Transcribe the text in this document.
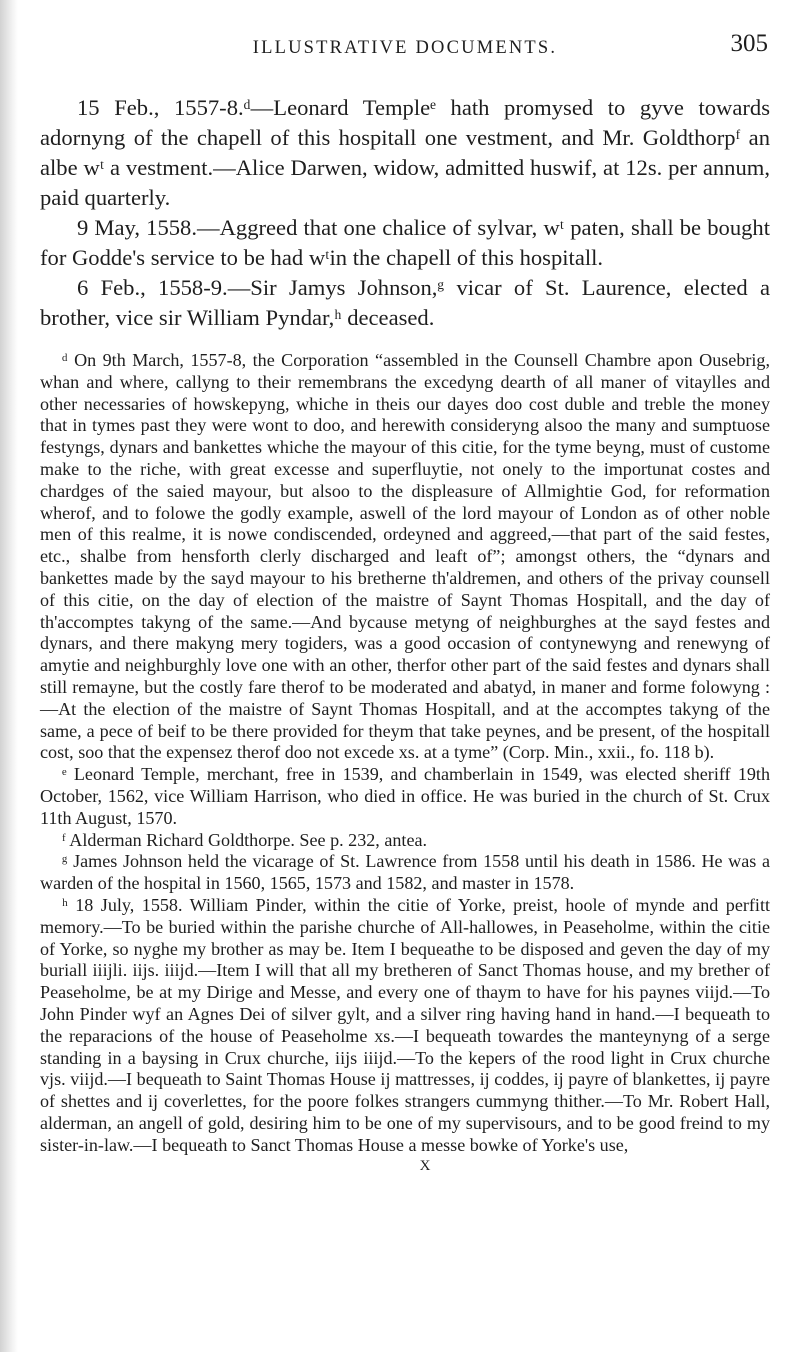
ILLUSTRATIVE DOCUMENTS.	305

15 Feb., 1557-8.ᵈ—Leonard Templeᵉ hath promysed to gyve towards adornyng of the chapell of this hospitall one vestment, and Mr. Goldthorpᶠ an albe wᵗ a vestment.—Alice Darwen, widow, admitted huswif, at 12s. per annum, paid quarterly.

9 May, 1558.—Aggreed that one chalice of sylvar, wᵗ paten, shall be bought for Godde's service to be had wᵗin the chapell of this hospitall.

6 Feb., 1558-9.—Sir Jamys Johnson,ᵍ vicar of St. Laurence, elected a brother, vice sir William Pyndar,ʰ deceased.

ᵈ On 9th March, 1557-8, the Corporation “assembled in the Counsell Chambre apon Ousebrig, whan and where, callyng to their remembrans the excedyng dearth of all maner of vitaylles and other necessaries of howskepyng, whiche in theis our dayes doo cost duble and treble the money that in tymes past they were wont to doo, and herewith consideryng alsoo the many and sumptuose festyngs, dynars and bankettes whiche the mayour of this citie, for the tyme beyng, must of custome make to the riche, with great excesse and superfluytie, not onely to the importunat costes and chardges of the saied mayour, but alsoo to the displeasure of Allmightie God, for reformation wherof, and to folowe the godly example, aswell of the lord mayour of London as of other noble men of this realme, it is nowe condiscended, ordeyned and aggreed,—that part of the said festes, etc., shalbe from hensforth clerly discharged and leaft of”; amongst others, the “dynars and bankettes made by the sayd mayour to his bretherne th'aldremen, and others of the privay counsell of this citie, on the day of election of the maistre of Saynt Thomas Hospitall, and the day of th'accomptes takyng of the same.—And bycause metyng of neighburghes at the sayd festes and dynars, and there makyng mery togiders, was a good occasion of contynewyng and renewyng of amytie and neighburghly love one with an other, therfor other part of the said festes and dynars shall still remayne, but the costly fare therof to be moderated and abatyd, in maner and forme folowyng :—At the election of the maistre of Saynt Thomas Hospitall, and at the accomptes takyng of the same, a pece of beif to be there provided for theym that take peynes, and be present, of the hospitall cost, soo that the expensez therof doo not excede xs. at a tyme” (Corp. Min., xxii., fo. 118 b).

ᵉ Leonard Temple, merchant, free in 1539, and chamberlain in 1549, was elected sheriff 19th October, 1562, vice William Harrison, who died in office. He was buried in the church of St. Crux 11th August, 1570.

ᶠ Alderman Richard Goldthorpe. See p. 232, antea.

ᵍ James Johnson held the vicarage of St. Lawrence from 1558 until his death in 1586. He was a warden of the hospital in 1560, 1565, 1573 and 1582, and master in 1578.

ʰ 18 July, 1558. William Pinder, within the citie of Yorke, preist, hoole of mynde and perfitt memory.—To be buried within the parishe churche of All-hallowes, in Peaseholme, within the citie of Yorke, so nyghe my brother as may be. Item I bequeathe to be disposed and geven the day of my buriall iiijli. iijs. iiijd.—Item I will that all my bretheren of Sanct Thomas house, and my brether of Peaseholme, be at my Dirige and Messe, and every one of thaym to have for his paynes viijd.—To John Pinder wyf an Agnes Dei of silver gylt, and a silver ring having hand in hand.—I bequeath to the reparacions of the house of Peaseholme xs.—I bequeath towardes the manteynyng of a serge standing in a baysing in Crux churche, iijs iiijd.—To the kepers of the rood light in Crux churche vjs. viijd.—I bequeath to Saint Thomas House ij mattresses, ij coddes, ij payre of blankettes, ij payre of shettes and ij coverlettes, for the poore folkes strangers cummyng thither.—To Mr. Robert Hall, alderman, an angell of gold, desiring him to be one of my supervisours, and to be good freind to my sister-in-law.—I bequeath to Sanct Thomas House a messe bowke of Yorke's use,

X
